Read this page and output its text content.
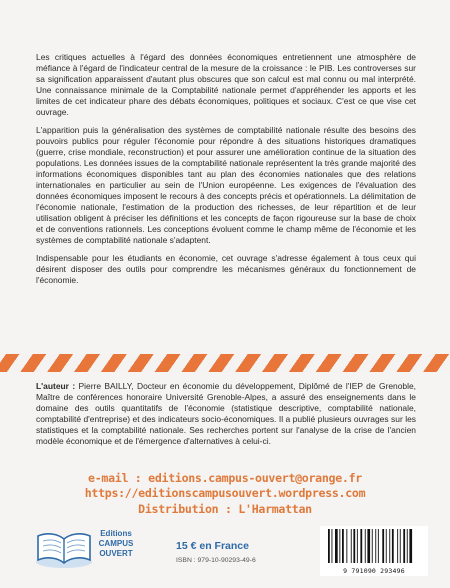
Les critiques actuelles à l'égard des données économiques entretiennent une atmosphère de méfiance à l'égard de l'indicateur central de la mesure de la croissance : le PIB. Les controverses sur sa signification apparaissent d'autant plus obscures que son calcul est mal connu ou mal interprété. Une connaissance minimale de la Comptabilité nationale permet d'appréhender les apports et les limites de cet indicateur phare des débats économiques, politiques et sociaux. C'est ce que vise cet ouvrage.

L'apparition puis la généralisation des systèmes de comptabilité nationale résulte des besoins des pouvoirs publics pour réguler l'économie pour répondre à des situations historiques dramatiques (guerre, crise mondiale, reconstruction) et pour assurer une amélioration continue de la situation des populations. Les données issues de la comptabilité nationale représentent la très grande majorité des informations économiques disponibles tant au plan des économies nationales que des relations internationales en particulier au sein de l'Union européenne. Les exigences de l'évaluation des données économiques imposent le recours à des concepts précis et opérationnels. La délimitation de l'économie nationale, l'estimation de la production des richesses, de leur répartition et de leur utilisation obligent à préciser les définitions et les concepts de façon rigoureuse sur la base de choix et de conventions rationnels. Les conceptions évoluent comme le champ même de l'économie et les systèmes de comptabilité nationale s'adaptent.

Indispensable pour les étudiants en économie, cet ouvrage s'adresse également à tous ceux qui désirent disposer des outils pour comprendre les mécanismes généraux du fonctionnement de l'économie.

L'auteur : Pierre BAILLY, Docteur en économie du développement, Diplômé de l'IEP de Grenoble, Maître de conférences honoraire Université Grenoble-Alpes, a assuré des enseignements dans le domaine des outils quantitatifs de l'économie (statistique descriptive, comptabilité nationale, comptabilité d'entreprise) et des indicateurs socio-économiques. Il a publié plusieurs ouvrages sur les statistiques et la comptabilité nationale. Ses recherches portent sur l'analyse de la crise de l'ancien modèle économique et de l'émergence d'alternatives à celui-ci.
e-mail : editions.campus-ouvert@orange.fr
https://editionscampusouvert.wordpress.com
Distribution : L'Harmattan
Editions
CAMPUS
OUVERT
15 € en France
ISBN : 979-10-90293-49-6
9 791090 293496
